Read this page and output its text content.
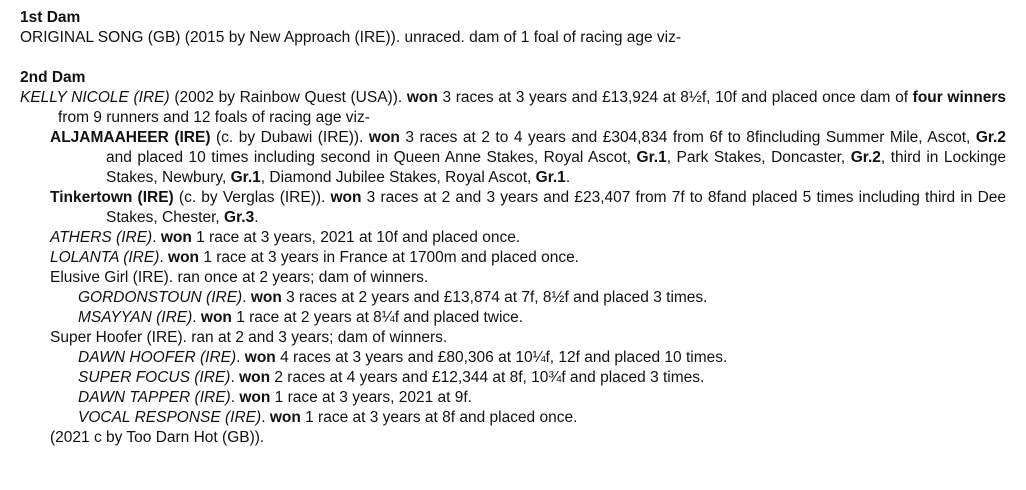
1st Dam

ORIGINAL SONG (GB) (2015 by New Approach (IRE)). unraced. dam of 1 foal of racing age viz-

2nd Dam

KELLY NICOLE (IRE) (2002 by Rainbow Quest (USA)). won 3 races at 3 years and £13,924 at 8½f, 10f and placed once dam of four winners from 9 runners and 12 foals of racing age viz-

ALJAMAAHEER (IRE) (c. by Dubawi (IRE)). won 3 races at 2 to 4 years and £304,834 from 6f to 8fincluding Summer Mile, Ascot, Gr.2 and placed 10 times including second in Queen Anne Stakes, Royal Ascot, Gr.1, Park Stakes, Doncaster, Gr.2, third in Lockinge Stakes, Newbury, Gr.1, Diamond Jubilee Stakes, Royal Ascot, Gr.1.

Tinkertown (IRE) (c. by Verglas (IRE)). won 3 races at 2 and 3 years and £23,407 from 7f to 8fand placed 5 times including third in Dee Stakes, Chester, Gr.3.

ATHERS (IRE). won 1 race at 3 years, 2021 at 10f and placed once.

LOLANTA (IRE). won 1 race at 3 years in France at 1700m and placed once.

Elusive Girl (IRE). ran once at 2 years; dam of winners.

GORDONSTOUN (IRE). won 3 races at 2 years and £13,874 at 7f, 8½f and placed 3 times.

MSAYYAN (IRE). won 1 race at 2 years at 8¼f and placed twice.

Super Hoofer (IRE). ran at 2 and 3 years; dam of winners.

DAWN HOOFER (IRE). won 4 races at 3 years and £80,306 at 10¼f, 12f and placed 10 times.

SUPER FOCUS (IRE). won 2 races at 4 years and £12,344 at 8f, 10¾f and placed 3 times.

DAWN TAPPER (IRE). won 1 race at 3 years, 2021 at 9f.

VOCAL RESPONSE (IRE). won 1 race at 3 years at 8f and placed once.

(2021 c by Too Darn Hot (GB)).
